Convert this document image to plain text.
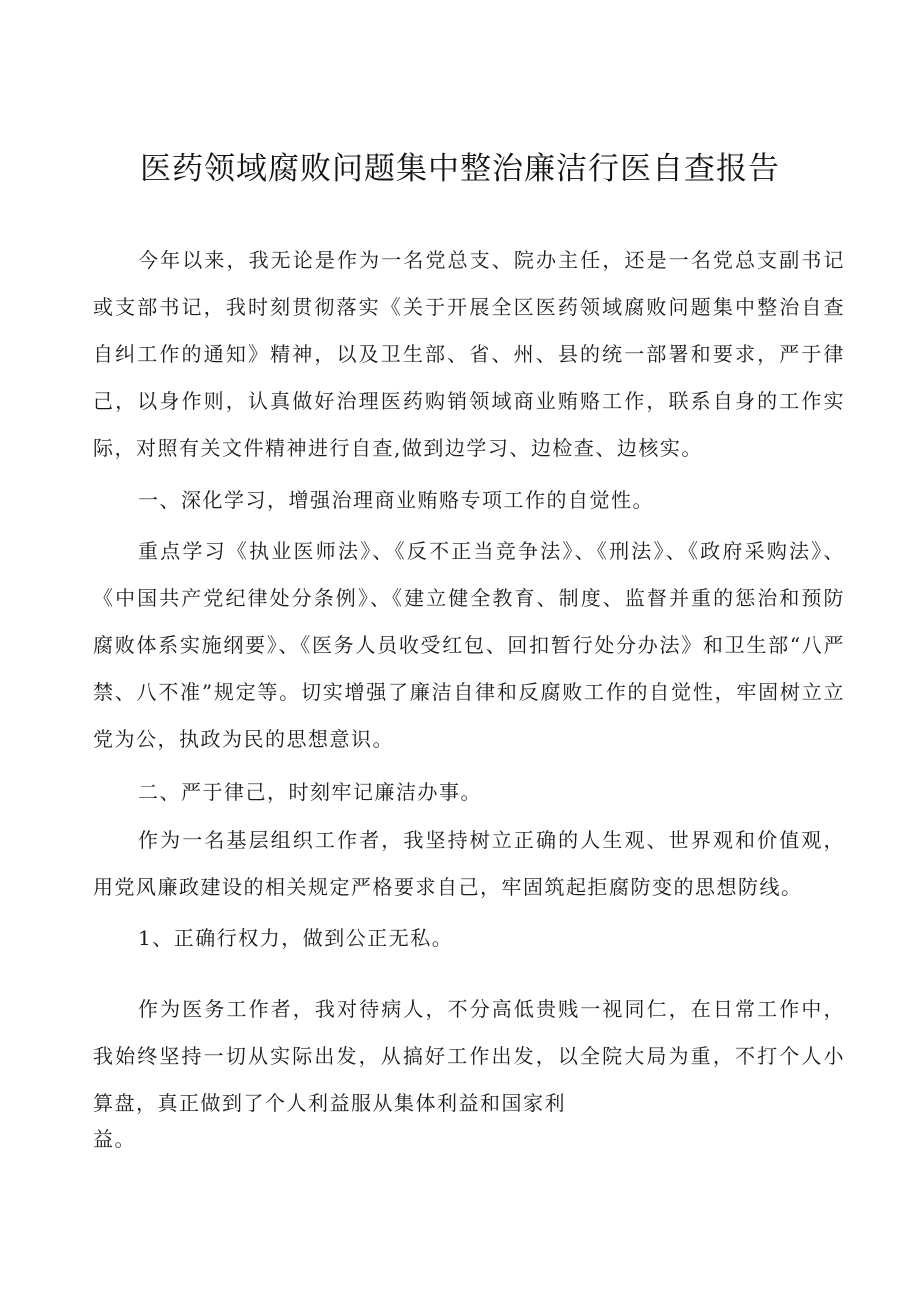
医药领域腐败问题集中整治廉洁行医自查报告

今年以来，我无论是作为一名党总支、院办主任，还是一名党总支副书记或支部书记，我时刻贯彻落实《关于开展全区医药领域腐败问题集中整治自查自纠工作的通知》精神，以及卫生部、省、州、县的统一部署和要求，严于律己，以身作则，认真做好治理医药购销领域商业贿赂工作，联系自身的工作实际，对照有关文件精神进行自查,做到边学习、边检查、边核实。

一、深化学习，增强治理商业贿赂专项工作的自觉性。

重点学习《执业医师法》、《反不正当竞争法》、《刑法》、《政府采购法》、《中国共产党纪律处分条例》、《建立健全教育、制度、监督并重的惩治和预防腐败体系实施纲要》、《医务人员收受红包、回扣暂行处分办法》和卫生部“八严禁、八不准”规定等。切实增强了廉洁自律和反腐败工作的自觉性，牢固树立立党为公，执政为民的思想意识。

二、严于律己，时刻牢记廉洁办事。

作为一名基层组织工作者，我坚持树立正确的人生观、世界观和价值观，用党风廉政建设的相关规定严格要求自己，牢固筑起拒腐防变的思想防线。

1、正确行权力，做到公正无私。

作为医务工作者，我对待病人，不分高低贵贱一视同仁，在日常工作中，我始终坚持一切从实际出发，从搞好工作出发，以全院大局为重，不打个人小算盘，真正做到了个人利益服从集体利益和国家利

益。
